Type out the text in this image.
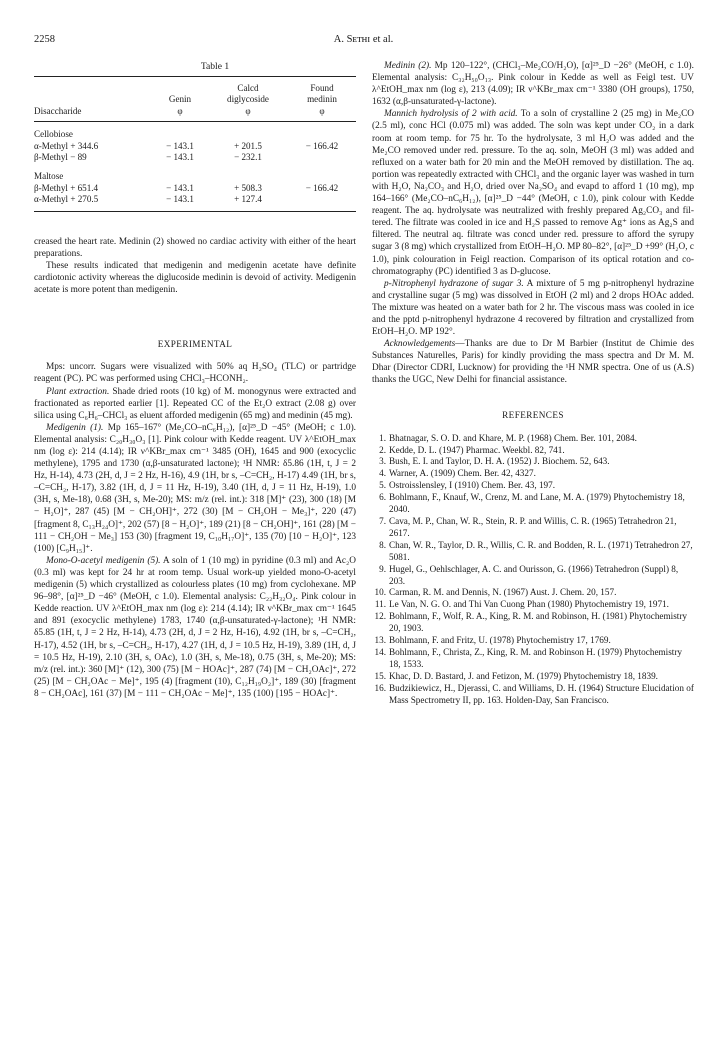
2258	A. Sᴇᴛʜɪ et al.
Table 1

		Calcd	Found
	Genin	diglycoside	medinin
Disaccharide	φ	φ	φ

Cellobiose			
α-Methyl + 344.6	− 143.1	+ 201.5	− 166.42
β-Methyl − 89	− 143.1	− 232.1	

Maltose			
β-Methyl + 651.4	− 143.1	+ 508.3	− 166.42
α-Methyl + 270.5	− 143.1	+ 127.4	

creased the heart rate. Medinin (2) showed no cardiac activity with either of the heart preparations.

These results indicated that medigenin and medigenin acetate have definite cardiotonic activity whereas the diglucoside medinin is devoid of activity. Medigenin acetate is more potent than medigenin.

EXPERIMENTAL

Mps: uncorr. Sugars were visualized with 50% aq H₂SO₄ (TLC) or partridge reagent (PC). PC was performed using CHCl₃–HCONH₂.

Plant extraction. Shade dried roots (10 kg) of M. monogynus were extracted and fractionated as reported earlier [1]. Repeated CC of the Et₂O extract (2.08 g) over silica using C₆H₆–CHCl₃ as eluent afforded medigenin (65 mg) and medinin (45 mg).

Medigenin (1). Mp 165–167° (Me₂CO–nC₆H₁₂), [α]²⁵_D −45° (MeOH; c 1.0). Elemental analysis: C₂₀H₃₀O₃ [1]. Pink colour with Kedde reagent. UV λ^EtOH_max nm (log ε): 214 (4.14); IR ν^KBr_max cm⁻¹ 3485 (OH), 1645 and 900 (exocyclic methylene), 1795 and 1730 (α,β-unsaturated lactone); ¹H NMR: δ5.86 (1H, t, J = 2 Hz, H-14), 4.73 (2H, d, J = 2 Hz, H-16), 4.9 (1H, br s, –C=CH₂, H-17) 4.49 (1H, br s, –C=CH₂, H-17), 3.82 (1H, d, J = 11 Hz, H-19), 3.40 (1H, d, J = 11 Hz, H-19), 1.0 (3H, s, Me-18), 0.68 (3H, s, Me-20); MS: m/z (rel. int.): 318 [M]⁺ (23), 300 (18) [M − H₂O]⁺, 287 (45) [M − CH₂OH]⁺, 272 (30) [M − CH₂OH − Me₃]⁺, 220 (47) [fragment 8, C₁₃H₂₄O]⁺, 202 (57) [8 − H₂O]⁺, 189 (21) [8 − CH₂OH]⁺, 161 (28) [M − 111 − CH₂OH − Me₃] 153 (30) [fragment 19, C₁₀H₁₇O]⁺, 135 (70) [10 − H₂O]⁺, 123 (100) [C₉H₁₅]⁺.

Mono-O-acetyl medigenin (5). A soln of 1 (10 mg) in pyridine (0.3 ml) and Ac₂O (0.3 ml) was kept for 24 hr at room temp. Usual work-up yielded mono-O-acetyl medigenin (5) which crystallized as colourless plates (10 mg) from cyclohexane. MP 96–98°, [α]²⁵_D −46° (MeOH, c 1.0). Elemental analysis: C₂₂H₃₂O₄. Pink colour in Kedde reaction. UV λ^EtOH_max nm (log ε): 214 (4.14); IR ν^KBr_max cm⁻¹ 1645 and 891 (exocyclic methylene) 1783, 1740 (α,β-unsaturated-γ-lactone); ¹H NMR: δ5.85 (1H, t, J = 2 Hz, H-14), 4.73 (2H, d, J = 2 Hz, H-16), 4.92 (1H, br s, –C=CH₂, H-17), 4.52 (1H, br s, –C=CH₂, H-17), 4.27 (1H, d, J = 10.5 Hz, H-19), 3.89 (1H, d, J = 10.5 Hz, H-19), 2.10 (3H, s, OAc), 1.0 (3H, s, Me-18), 0.75 (3H, s, Me-20); MS: m/z (rel. int.): 360 [M]⁺ (12), 300 (75) [M − HOAc]⁺, 287 (74) [M − CH₂OAc]⁺, 272 (25) [M − CH₂OAc − Me]⁺, 195 (4) [fragment (10), C₁₂H₁₉O₂]⁺, 189 (30) [fragment 8 − CH₂OAc], 161 (37) [M − 111 − CH₂OAc − Me]⁺, 135 (100) [195 − HOAc]⁺.

Medinin (2). Mp 120–122°, (CHCl₃–Me₂CO/H₂O), [α]²⁵_D −26° (MeOH, c 1.0). Elemental analysis: C₃₂H₅₀O₁₃. Pink colour in Kedde as well as Feigl test. UV λ^EtOH_max nm (log ε), 213 (4.09); IR ν^KBr_max cm⁻¹ 3380 (OH groups), 1750, 1632 (α,β-unsaturated-γ-lactone).

Mannich hydrolysis of 2 with acid. To a soln of crystalline 2 (25 mg) in Me₂CO (2.5 ml), conc HCl (0.075 ml) was added. The soln was kept under CO₂ in a dark room at room temp. for 75 hr. To the hydrolysate, 3 ml H₂O was added and the Me₂CO removed under red. pressure. To the aq. soln, MeOH (3 ml) was added and refluxed on a water bath for 20 min and the MeOH removed by distillation. The aq. portion was repeatedly extracted with CHCl₃ and the organic layer was washed in turn with H₂O, Na₂CO₃ and H₂O, dried over Na₂SO₄ and evapd to afford 1 (10 mg), mp 164–166° (Me₂CO–nC₆H₁₂), [α]²⁵_D −44° (MeOH, c 1.0), pink colour with Kedde reagent. The aq. hydrolysate was neutralized with freshly prepared Ag₂CO₃ and filtered. The filtrate was cooled in ice and H₂S passed to remove Ag⁺ ions as Ag₂S and filtered. The neutral aq. filtrate was concd under red. pressure to afford the syrupy sugar 3 (8 mg) which crystallized from EtOH–H₂O. MP 80–82°, [α]²⁵_D +99° (H₂O, c 1.0), pink colouration in Feigl reaction. Comparison of its optical rotation and co-chromatography (PC) identified 3 as D-glucose.

p-Nitrophenyl hydrazone of sugar 3. A mixture of 5 mg p-nitrophenyl hydrazine and crystalline sugar (5 mg) was dissolved in EtOH (2 ml) and 2 drops HOAc added. The mixture was heated on a water bath for 2 hr. The viscous mass was cooled in ice and the pptd p-nitrophenyl hydrazone 4 recovered by filtration and crystallized from EtOH–H₂O. MP 192°.

Acknowledgements—Thanks are due to Dr M Barbier (Institut de Chimie des Substances Naturelles, Paris) for kindly providing the mass spectra and Dr M. M. Dhar (Director CDRI, Lucknow) for providing the ¹H NMR spectra. One of us (A.S) thanks the UGC, New Delhi for financial assistance.

REFERENCES
1. Bhatnagar, S. O. D. and Khare, M. P. (1968) Chem. Ber. 101, 2084.
2. Kedde, D. L. (1947) Pharmac. Weekbl. 82, 741.
3. Bush, E. I. and Taylor, D. H. A. (1952) J. Biochem. 52, 643.
4. Warner, A. (1909) Chem. Ber. 42, 4327.
5. Ostroisslensley, I (1910) Chem. Ber. 43, 197.
6. Bohlmann, F., Knauf, W., Crenz, M. and Lane, M. A. (1979) Phytochemistry 18, 2040.
7. Cava, M. P., Chan, W. R., Stein, R. P. and Willis, C. R. (1965) Tetrahedron 21, 2617.
8. Chan, W. R., Taylor, D. R., Willis, C. R. and Bodden, R. L. (1971) Tetrahedron 27, 5081.
9. Hugel, G., Oehlschlager, A. C. and Ourisson, G. (1966) Tetrahedron (Suppl) 8, 203.
10. Carman, R. M. and Dennis, N. (1967) Aust. J. Chem. 20, 157.
11. Le Van, N. G. O. and Thi Van Cuong Phan (1980) Phytochemistry 19, 1971.
12. Bohlmann, F., Wolf, R. A., King, R. M. and Robinson, H. (1981) Phytochemistry 20, 1903.
13. Bohlmann, F. and Fritz, U. (1978) Phytochemistry 17, 1769.
14. Bohlmann, F., Christa, Z., King, R. M. and Robinson H. (1979) Phytochemistry 18, 1533.
15. Khac, D. D. Bastard, J. and Fetizon, M. (1979) Phytochemistry 18, 1839.
16. Budzikiewicz, H., Djerassi, C. and Williams, D. H. (1964) Structure Elucidation of Mass Spectrometry II, pp. 163. Holden-Day, San Francisco.
